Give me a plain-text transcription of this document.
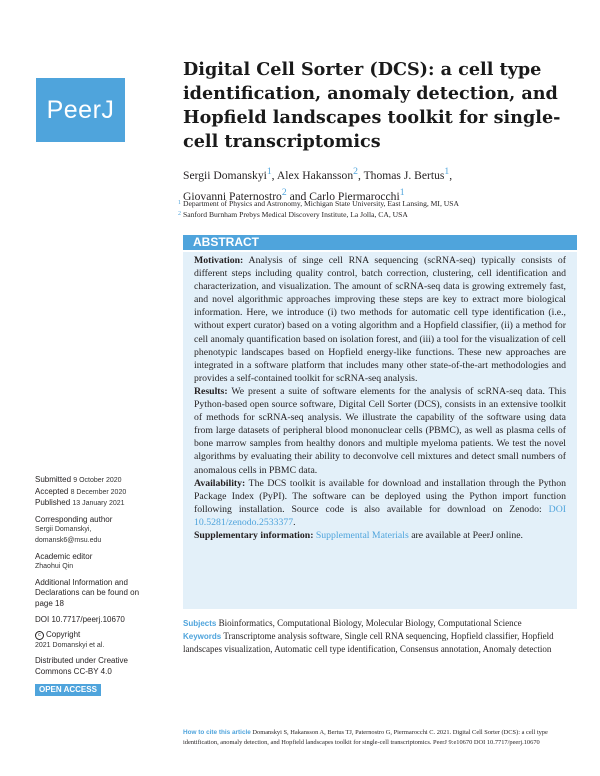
PeerJ
Digital Cell Sorter (DCS): a cell type identification, anomaly detection, and Hopfield landscapes toolkit for single-cell transcriptomics
Sergii Domanskyi$^1$, Alex Hakansson$^2$, Thomas J. Bertus$^1$,
Giovanni Paternostro$^2$ and Carlo Piermarocchi$^1$
$^1$ Department of Physics and Astronomy, Michigan State University, East Lansing, MI, USA
$^2$ Sanford Burnham Prebys Medical Discovery Institute, La Jolla, CA, USA
ABSTRACT

Motivation: Analysis of singe cell RNA sequencing (scRNA-seq) typically consists of different steps including quality control, batch correction, clustering, cell identification and characterization, and visualization. The amount of scRNA-seq data is growing extremely fast, and novel algorithmic approaches improving these steps are key to extract more biological information. Here, we introduce (i) two methods for automatic cell type identification (i.e., without expert curator) based on a voting algorithm and a Hopfield classifier, (ii) a method for cell anomaly quantification based on isolation forest, and (iii) a tool for the visualization of cell phenotypic landscapes based on Hopfield energy-like functions. These new approaches are integrated in a software platform that includes many other state-of-the-art methodologies and provides a self-contained toolkit for scRNA-seq analysis.

Results: We present a suite of software elements for the analysis of scRNA-seq data. This Python-based open source software, Digital Cell Sorter (DCS), consists in an extensive toolkit of methods for scRNA-seq analysis. We illustrate the capability of the software using data from large datasets of peripheral blood mononuclear cells (PBMC), as well as plasma cells of bone marrow samples from healthy donors and multiple myeloma patients. We test the novel algorithms by evaluating their ability to deconvolve cell mixtures and detect small numbers of anomalous cells in PBMC data.

Availability: The DCS toolkit is available for download and installation through the Python Package Index (PyPI). The software can be deployed using the Python import function following installation. Source code is also available for download on Zenodo: DOI 10.5281/zenodo.2533377.

Supplementary information: Supplemental Materials are available at PeerJ online.

Subjects Bioinformatics, Computational Biology, Molecular Biology, Computational Science
Keywords Transcriptome analysis software, Single cell RNA sequencing, Hopfield classifier, Hopfield landscapes visualization, Automatic cell type identification, Consensus annotation, Anomaly detection
Submitted 9 October 2020
Accepted 8 December 2020
Published 13 January 2021
Corresponding author
Sergii Domanskyi,
domansk6@msu.edu
Academic editor
Zhaohui Qin
Additional Information and Declarations can be found on page 18
DOI 10.7717/peerj.10670
c Copyright
2021 Domanskyi et al.
Distributed under Creative Commons CC-BY 4.0
OPEN ACCESS
How to cite this article Domanskyi S, Hakansson A, Bertus TJ, Paternostro G, Piermarocchi C. 2021. Digital Cell Sorter (DCS): a cell type identification, anomaly detection, and Hopfield landscapes toolkit for single-cell transcriptomics. PeerJ 9:e10670 DOI 10.7717/peerj.10670
